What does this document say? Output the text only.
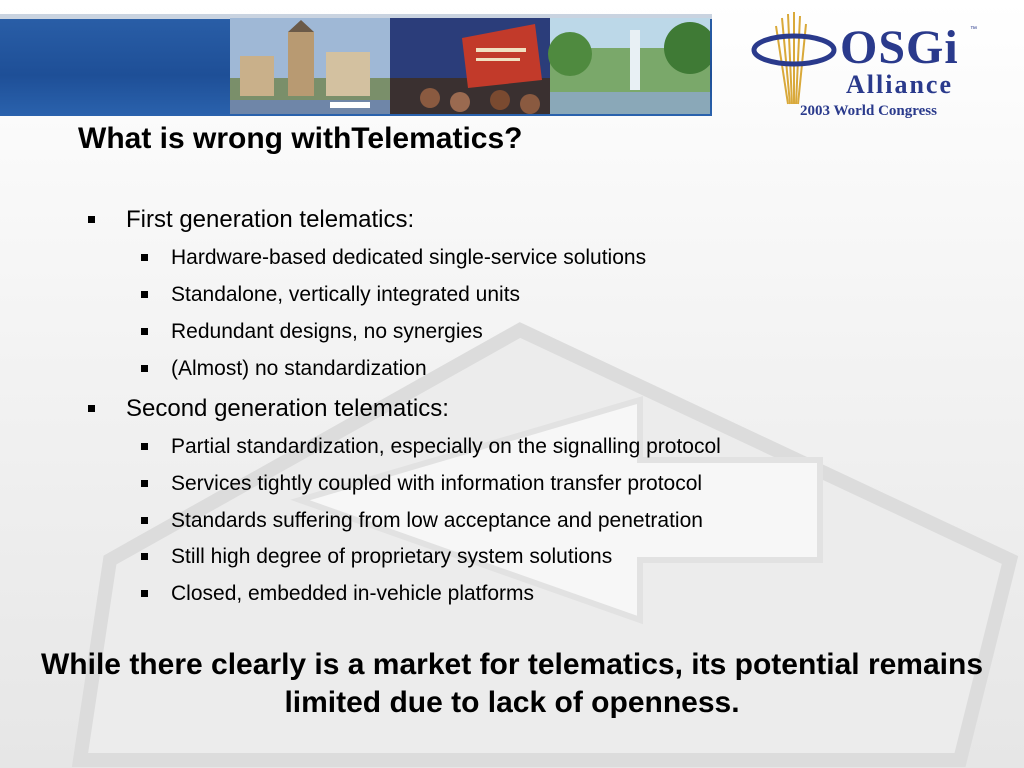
OSGi ™
Alliance
2003 World Congress
What is wrong withTelematics?
First generation telematics:
Hardware-based dedicated single-service solutions
Standalone, vertically integrated units
Redundant designs, no synergies
(Almost) no standardization
Second generation telematics:
Partial standardization, especially on the signalling protocol
Services tightly coupled with information transfer protocol
Standards suffering from low acceptance and penetration
Still high degree of proprietary system solutions
Closed, embedded in-vehicle platforms
While there clearly is a market for telematics, its potential remains limited due to lack of openness.
